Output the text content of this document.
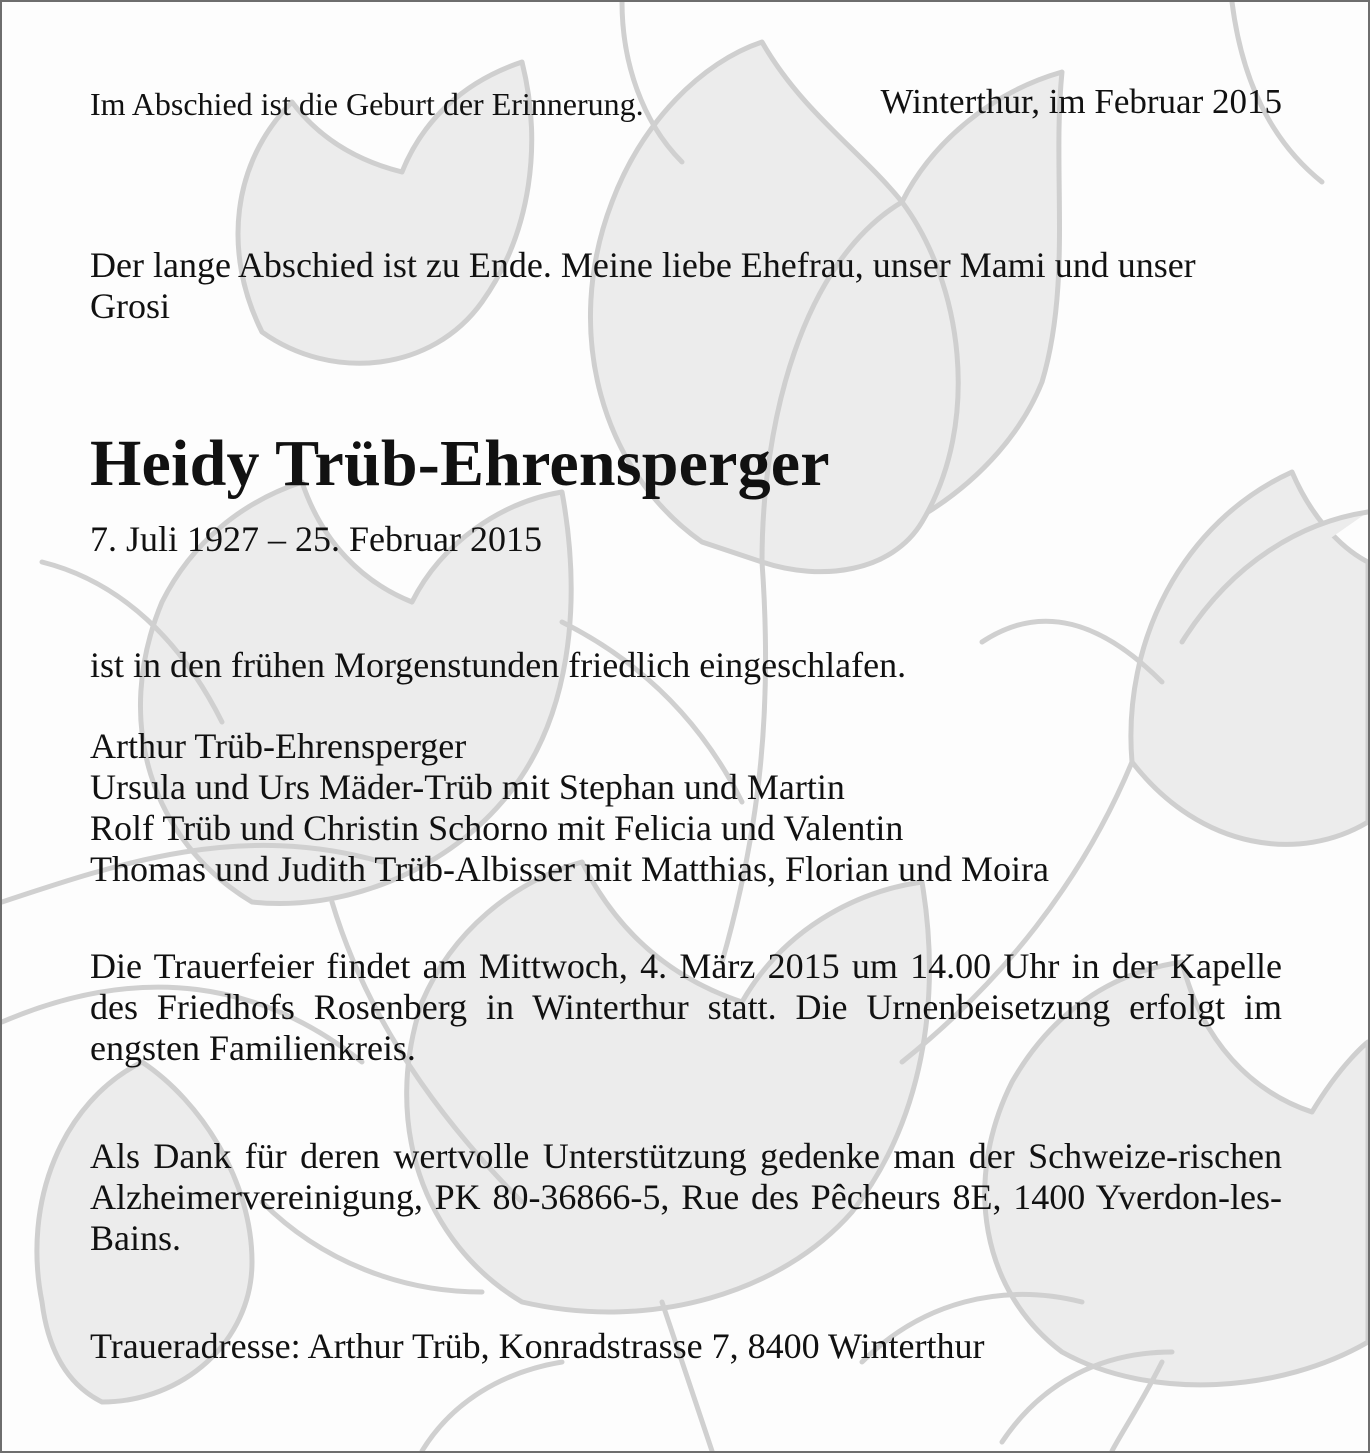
Im Abschied ist die Geburt der Erinnerung.	Winterthur, im Februar 2015
Der lange Abschied ist zu Ende. Meine liebe Ehefrau, unser Mami und unser Grosi
Heidy Trüb-Ehrensperger
7. Juli 1927 – 25. Februar 2015
ist in den frühen Morgenstunden friedlich eingeschlafen.
Arthur Trüb-Ehrensperger
Ursula und Urs Mäder-Trüb mit Stephan und Martin
Rolf Trüb und Christin Schorno mit Felicia und Valentin
Thomas und Judith Trüb-Albisser mit Matthias, Florian und Moira

Die Trauerfeier findet am Mittwoch, 4. März 2015 um 14.00 Uhr in der Kapelle des Friedhofs Rosenberg in Winterthur statt. Die Urnenbeisetzung erfolgt im engsten Familienkreis.

Als Dank für deren wertvolle Unterstützung gedenke man der Schweize-rischen Alzheimervereinigung, PK 80-36866-5, Rue des Pêcheurs 8E, 1400 Yverdon-les-Bains.

Traueradresse: Arthur Trüb, Konradstrasse 7, 8400 Winterthur
